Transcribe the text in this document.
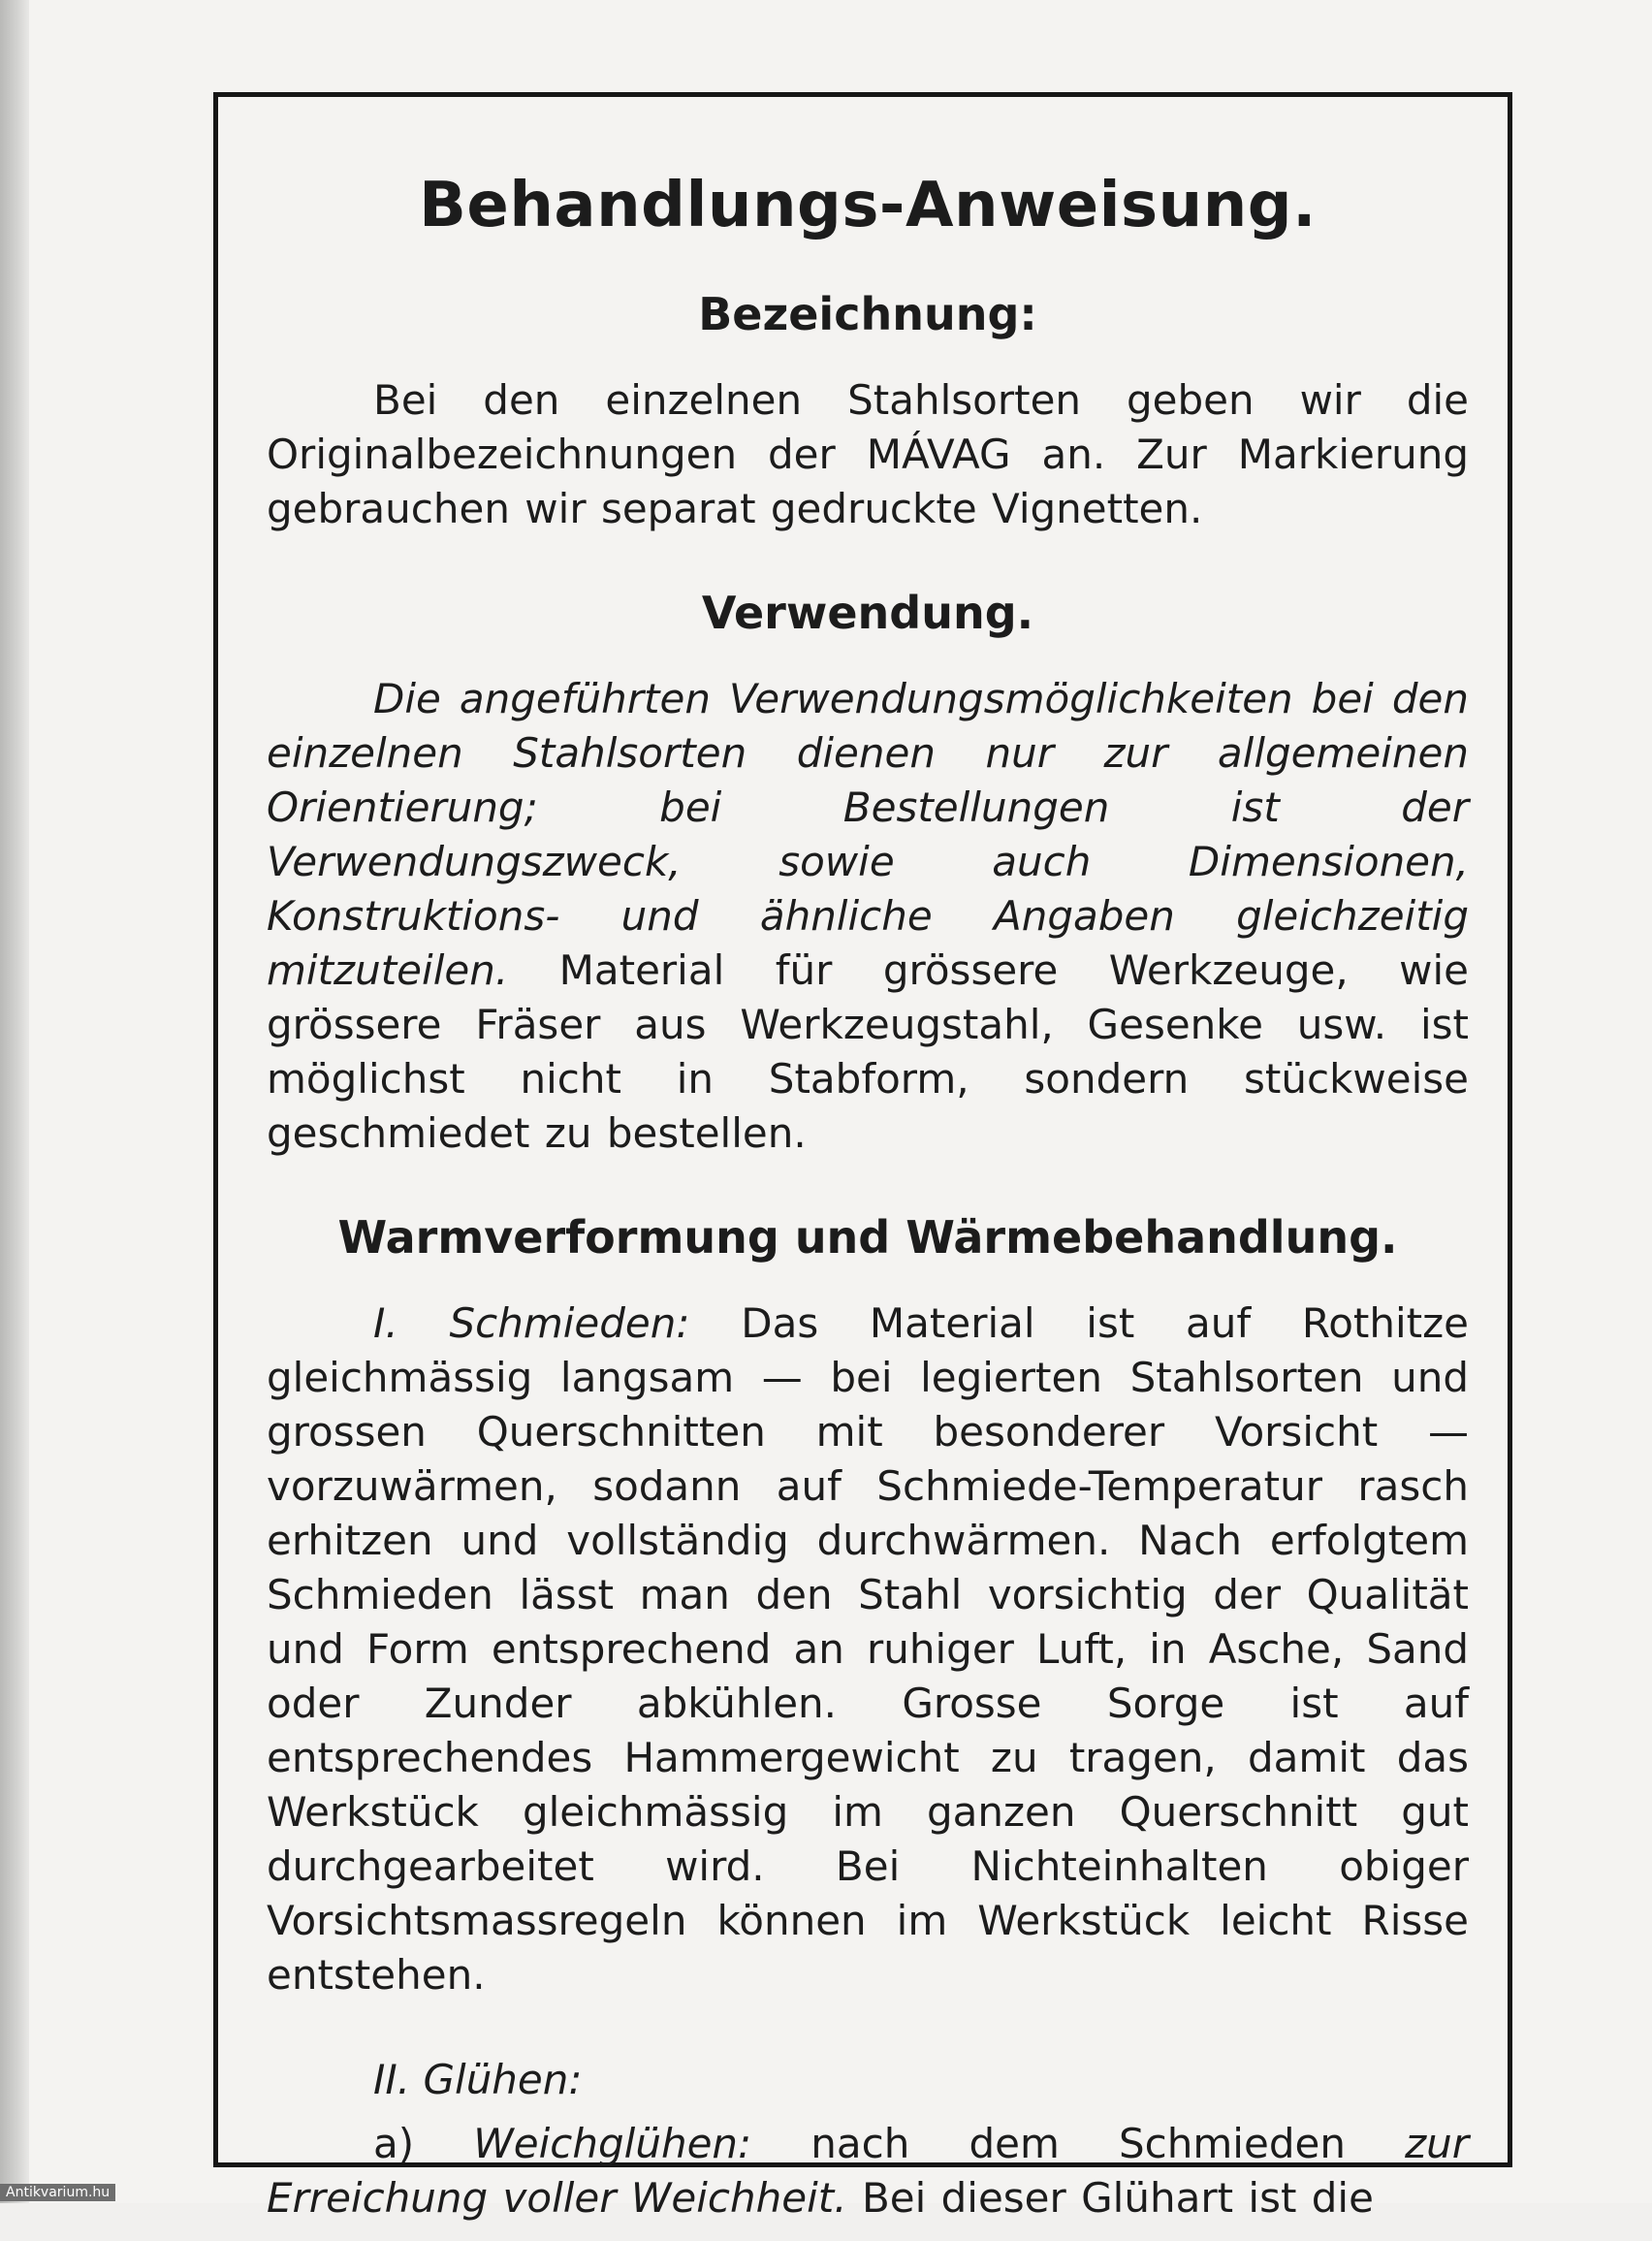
Behandlungs-Anweisung.
Bezeichnung:

Bei den einzelnen Stahlsorten geben wir die Originalbezeichnungen der MÁVAG an. Zur Markierung gebrauchen wir separat gedruckte Vignetten.

Verwendung.

Die angeführten Verwendungsmöglichkeiten bei den einzelnen Stahlsorten dienen nur zur allgemeinen Orientierung; bei Bestellungen ist der Verwendungszweck, sowie auch Dimensionen, Konstruktions- und ähnliche Angaben gleichzeitig mitzuteilen. Material für grössere Werkzeuge, wie grössere Fräser aus Werkzeugstahl, Gesenke usw. ist möglichst nicht in Stabform, sondern stückweise geschmiedet zu bestellen.

Warmverformung und Wärmebehandlung.

I. Schmieden: Das Material ist auf Rothitze gleichmässig langsam — bei legierten Stahlsorten und grossen Querschnitten mit besonderer Vorsicht — vorzuwärmen, sodann auf Schmiede-Temperatur rasch erhitzen und vollständig durchwärmen. Nach erfolgtem Schmieden lässt man den Stahl vorsichtig der Qualität und Form entsprechend an ruhiger Luft, in Asche, Sand oder Zunder abkühlen. Grosse Sorge ist auf entsprechendes Hammergewicht zu tragen, damit das Werkstück gleichmässig im ganzen Querschnitt gut durchgearbeitet wird. Bei Nichteinhalten obiger Vorsichtsmassregeln können im Werkstück leicht Risse entstehen.

II. Glühen:

a) Weichglühen: nach dem Schmieden zur Erreichung voller Weichheit. Bei dieser Glühart ist die

Antikvarium.hu
